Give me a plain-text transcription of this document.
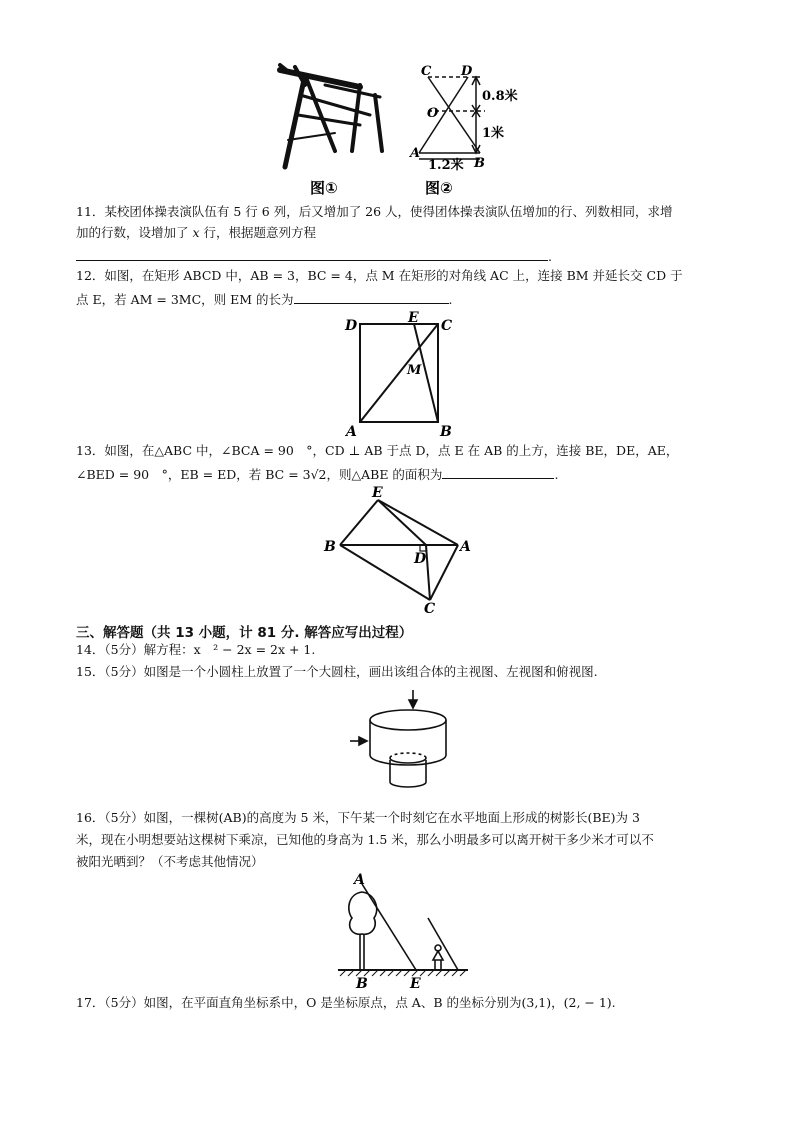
图①
C D
O
A
B
0.8米
1米
1.2米
图②
11．某校团体操表演队伍有 5 行 6 列，后又增加了 26 人，使得团体操表演队伍增加的行、列数相同，求增
加的行数，设增加了 x 行，根据题意列方程
.
12．如图，在矩形 ABCD 中，AB = 3，BC = 4，点 M 在矩形的对角线 AC 上，连接 BM 并延长交 CD 于
点 E，若 AM = 3MC，则 EM 的长为	.
D	E C
M
A	B
13．如图，在△ABC 中，∠BCA = 90　°，CD ⊥ AB 于点 D，点 E 在 AB 的上方，连接 BE，DE，AE，
∠BED = 90　°，EB = ED，若 BC = 3√2，则△ABE 的面积为	.
E
B
D
A
C
三、解答题（共 13 小题，计 81 分. 解答应写出过程）
14．（5分）解方程：x　² − 2x = 2x + 1.
15．（5分）如图是一个小圆柱上放置了一个大圆柱，画出该组合体的主视图、左视图和俯视图.
16．（5分）如图，一棵树(AB)的高度为 5 米，下午某一个时刻它在水平地面上形成的树影长(BE)为 3
米，现在小明想要站这棵树下乘凉，已知他的身高为 1.5 米，那么小明最多可以离开树干多少米才可以不
被阳光晒到？（不考虑其他情况）
A
B	E
17．（5分）如图，在平面直角坐标系中，O 是坐标原点，点 A、B 的坐标分别为(3,1)，(2, − 1).
